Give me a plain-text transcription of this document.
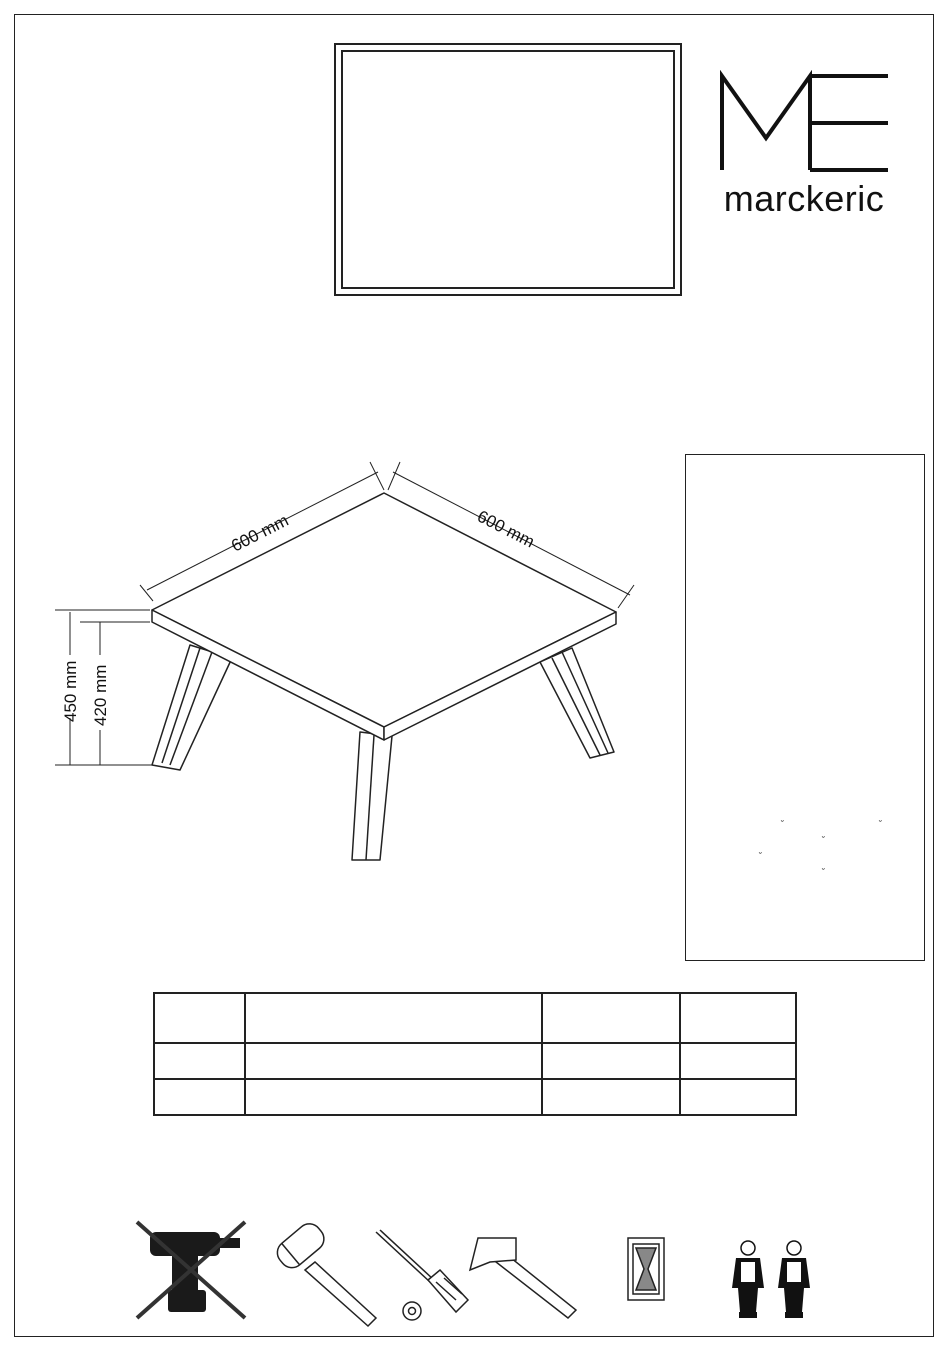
marckeric
600 mm	600 mm
450 mm 420 mm
˘	˘
˘
˘
˘
